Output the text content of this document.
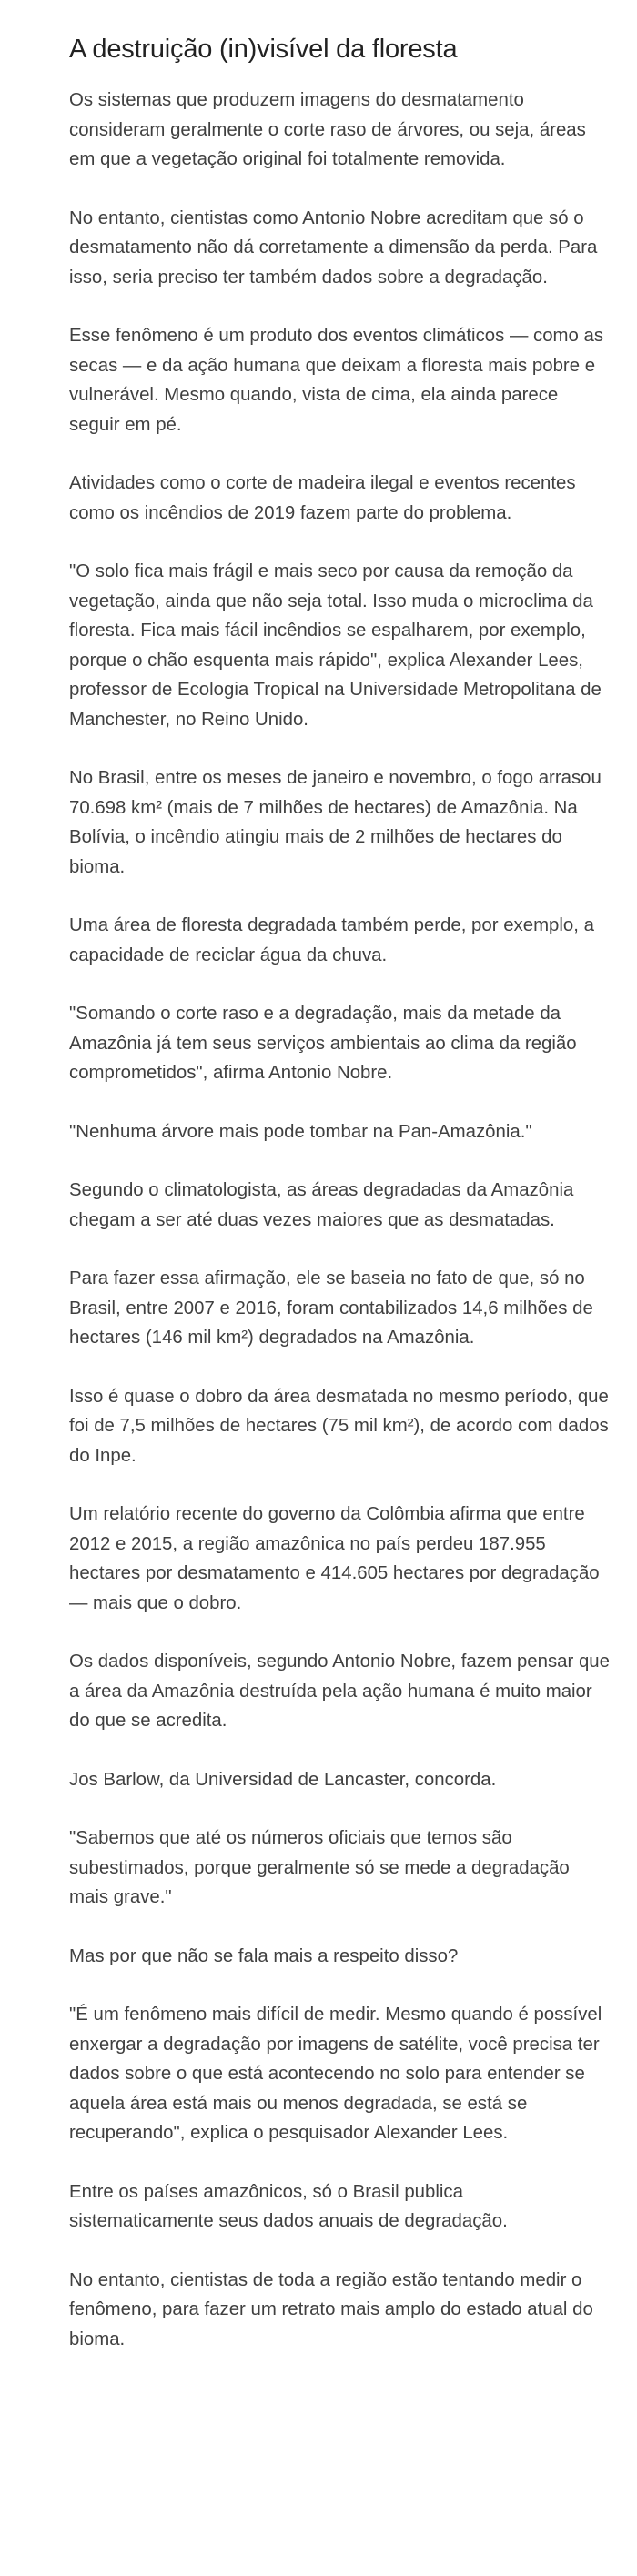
A destruição (in)visível da floresta

Os sistemas que produzem imagens do desmatamento consideram geralmente o corte raso de árvores, ou seja, áreas em que a vegetação original foi totalmente removida.

No entanto, cientistas como Antonio Nobre acreditam que só o desmatamento não dá corretamente a dimensão da perda. Para isso, seria preciso ter também dados sobre a degradação.

Esse fenômeno é um produto dos eventos climáticos — como as secas — e da ação humana que deixam a floresta mais pobre e vulnerável. Mesmo quando, vista de cima, ela ainda parece seguir em pé.

Atividades como o corte de madeira ilegal e eventos recentes como os incêndios de 2019 fazem parte do problema.

"O solo fica mais frágil e mais seco por causa da remoção da vegetação, ainda que não seja total. Isso muda o microclima da floresta. Fica mais fácil incêndios se espalharem, por exemplo, porque o chão esquenta mais rápido", explica Alexander Lees, professor de Ecologia Tropical na Universidade Metropolitana de Manchester, no Reino Unido.

No Brasil, entre os meses de janeiro e novembro, o fogo arrasou 70.698 km² (mais de 7 milhões de hectares) de Amazônia. Na Bolívia, o incêndio atingiu mais de 2 milhões de hectares do bioma.

Uma área de floresta degradada também perde, por exemplo, a capacidade de reciclar água da chuva.

"Somando o corte raso e a degradação, mais da metade da Amazônia já tem seus serviços ambientais ao clima da região comprometidos", afirma Antonio Nobre.

"Nenhuma árvore mais pode tombar na Pan-Amazônia."

Segundo o climatologista, as áreas degradadas da Amazônia chegam a ser até duas vezes maiores que as desmatadas.

Para fazer essa afirmação, ele se baseia no fato de que, só no Brasil, entre 2007 e 2016, foram contabilizados 14,6 milhões de hectares (146 mil km²) degradados na Amazônia.

Isso é quase o dobro da área desmatada no mesmo período, que foi de 7,5 milhões de hectares (75 mil km²), de acordo com dados do Inpe.

Um relatório recente do governo da Colômbia afirma que entre 2012 e 2015, a região amazônica no país perdeu 187.955 hectares por desmatamento e 414.605 hectares por degradação — mais que o dobro.

Os dados disponíveis, segundo Antonio Nobre, fazem pensar que a área da Amazônia destruída pela ação humana é muito maior do que se acredita.

Jos Barlow, da Universidad de Lancaster, concorda.

"Sabemos que até os números oficiais que temos são subestimados, porque geralmente só se mede a degradação mais grave."

Mas por que não se fala mais a respeito disso?

"É um fenômeno mais difícil de medir. Mesmo quando é possível enxergar a degradação por imagens de satélite, você precisa ter dados sobre o que está acontecendo no solo para entender se aquela área está mais ou menos degradada, se está se recuperando", explica o pesquisador Alexander Lees.

Entre os países amazônicos, só o Brasil publica sistematicamente seus dados anuais de degradação.

No entanto, cientistas de toda a região estão tentando medir o fenômeno, para fazer um retrato mais amplo do estado atual do bioma.
